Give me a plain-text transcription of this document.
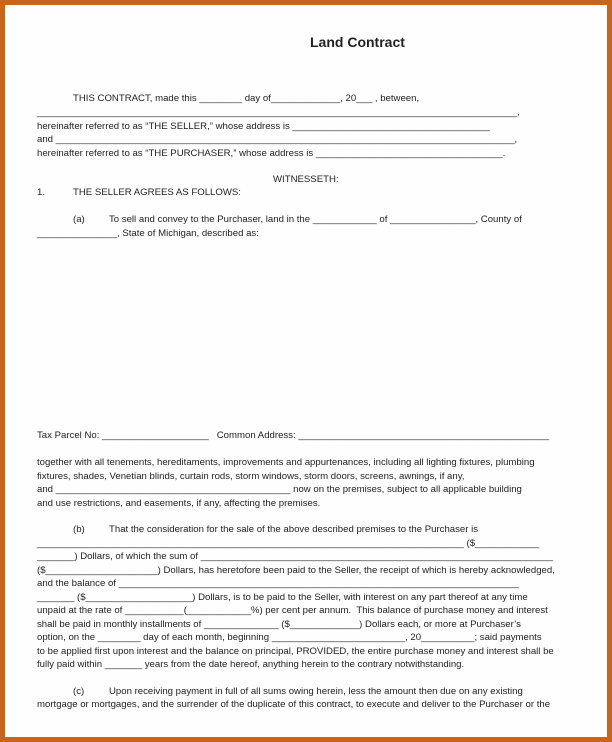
Land Contract
THIS CONTRACT, made this ________ day of_____________, 20___ , between,
__________________________________________________________________________________________,
hereinafter referred to as “THE SELLER,” whose address is _____________________________________
and ______________________________________________________________________________________,
hereinafter referred to as “THE PURCHASER,” whose address is ___________________________________.
WITNESSETH:
1.	THE SELLER AGREES AS FOLLOWS:
(a)	To sell and convey to the Purchaser, land in the ____________ of ________________, County of
_______________, State of Michigan, described as:
Tax Parcel No: ____________________   Common Address: _______________________________________________
together with all tenements, hereditaments, improvements and appurtenances, including all lighting fixtures, plumbing
fixtures, shades, Venetian blinds, curtain rods, storm windows, storm doors, screens, awnings, if any,
and ____________________________________________ now on the premises, subject to all applicable building
and use restrictions, and easements, if any, affecting the premises.
(b)	That the consideration for the sale of the above described premises to the Purchaser is
________________________________________________________________________________ ($____________
_______) Dollars, of which the sum of __________________________________________________________________
($_____________________) Dollars, has heretofore been paid to the Seller, the receipt of which is hereby acknowledged,
and the balance of ___________________________________________________________________________
_______ ($____________________) Dollars, is to be paid to the Seller, with interest on any part thereof at any time
unpaid at the rate of ___________(____________%) per cent per annum.  This balance of purchase money and interest
shall be paid in monthly installments of ______________ ($_____________) Dollars each, or more at Purchaser’s
option, on the ________ day of each month, beginning _________________________, 20__________; said payments
to be applied first upon interest and the balance on principal, PROVIDED, the entire purchase money and interest shall be
fully paid within _______ years from the date hereof, anything herein to the contrary notwithstanding.
(c)	Upon receiving payment in full of all sums owing herein, less the amount then due on any existing
mortgage or mortgages, and the surrender of the duplicate of this contract, to execute and deliver to the Purchaser or the
